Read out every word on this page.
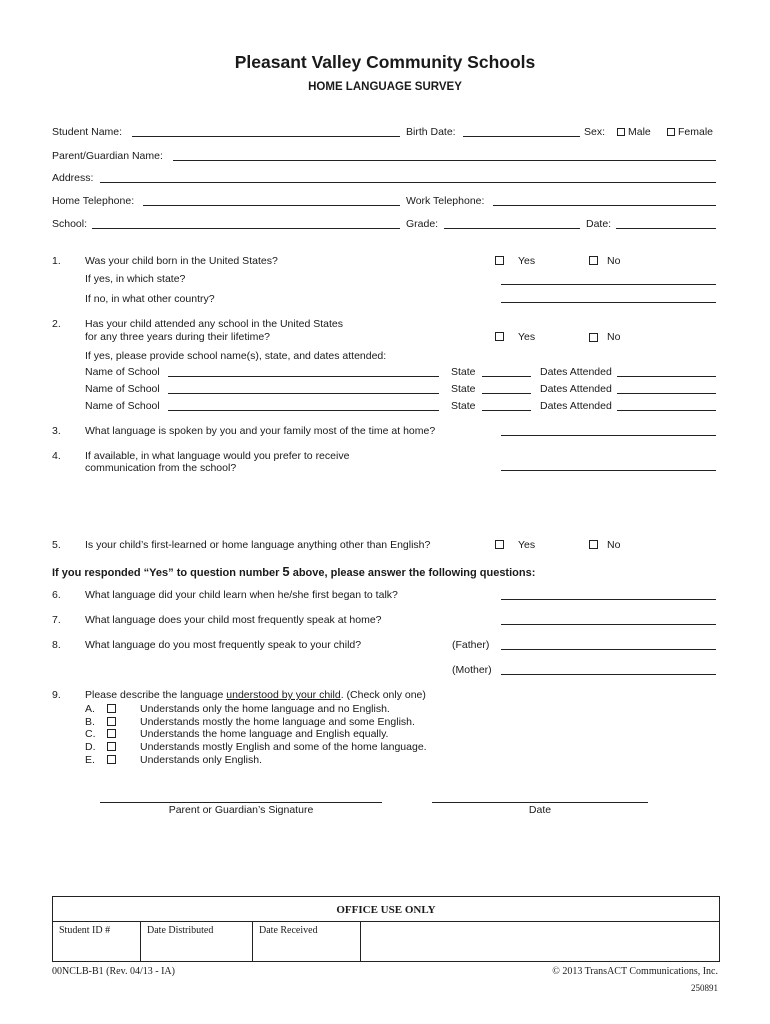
Pleasant Valley Community Schools
HOME LANGUAGE SURVEY
Student Name:	Birth Date:	Sex: Male	Female
Parent/Guardian Name:
Address:
Home Telephone:	Work Telephone:
School:	Grade:	Date:
1. Was your child born in the United States?	Yes	No
If yes, in which state?
If no, in what other country?
2. Has your child attended any school in the United States
for any three years during their lifetime?	Yes	No
If yes, please provide school name(s), state, and dates attended:
Name of School	State	Dates Attended
Name of School	State	Dates Attended
Name of School	State	Dates Attended
3. What language is spoken by you and your family most of the time at home?
4. If available, in what language would you prefer to receive
communication from the school?
5. Is your child’s first-learned or home language anything other than English?	Yes	No
If you responded “Yes” to question number 5 above, please answer the following questions:
6. What language did your child learn when he/she first began to talk?
7. What language does your child most frequently speak at home?
8. What language do you most frequently speak to your child?	(Father)
(Mother)
9. Please describe the language understood by your child. (Check only one)
A.	Understands only the home language and no English.
B.	Understands mostly the home language and some English.
C.	Understands the home language and English equally.
D.	Understands mostly English and some of the home language.
E.	Understands only English.
Parent or Guardian’s Signature	Date
OFFICE USE ONLY
Student ID #	Date Distributed	Date Received
00NCLB-B1 (Rev. 04/13 - IA)	© 2013 TransACT Communications, Inc.
250891
